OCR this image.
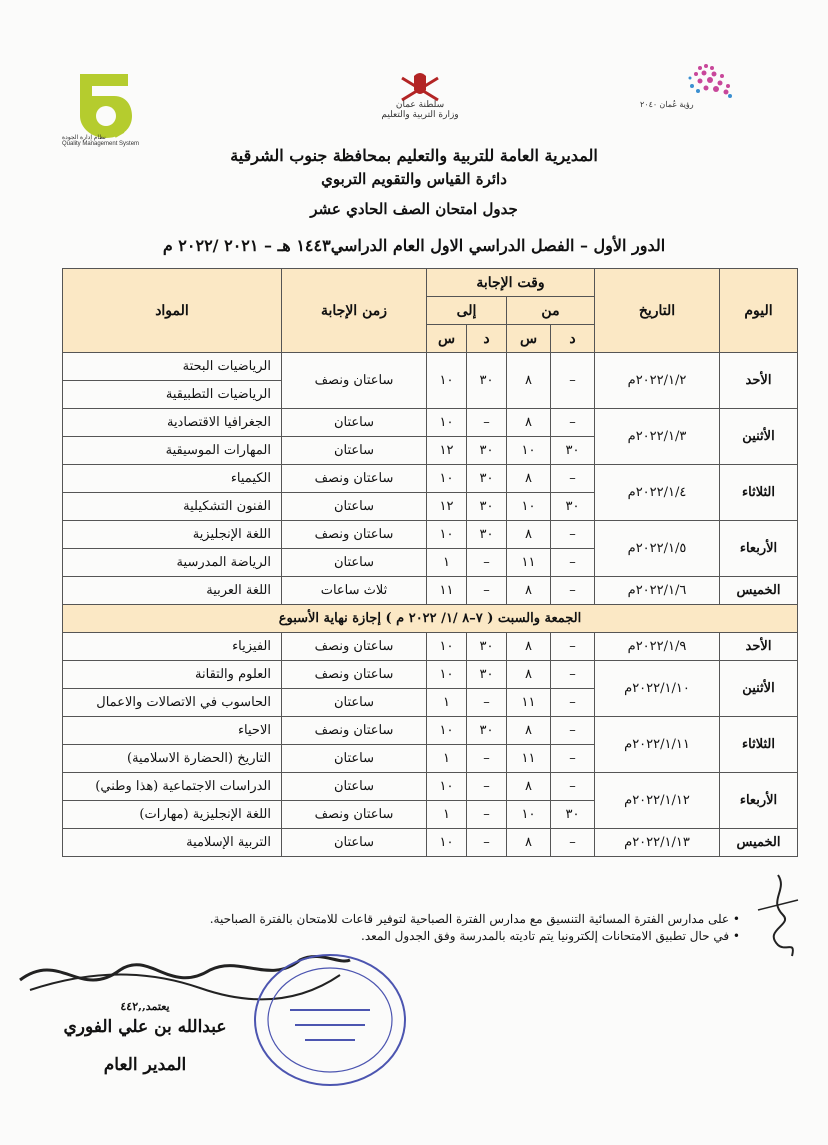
نظام إدارة الجودة
Quality Management System
سلطنة عمان
وزارة التربية والتعليم
رؤية عُمان ٢٠٤٠
المديرية العامة للتربية والتعليم بمحافظة جنوب الشرقية
دائرة القياس والتقويم التربوي
جدول امتحان الصف الحادي عشر
الدور الأول – الفصل الدراسي الاول العام الدراسي١٤٤٣ هـ – ٢٠٢١ /٢٠٢٢ م
اليوم	التاريخ	وقت الإجابة				زمن الإجابة	المواد
		من		إلى			
		د	س	د	س		
الأحد	٢٠٢٢/١/٢م	–	٨	٣٠	١٠	ساعتان ونصف	الرياضيات البحتة
							الرياضيات التطبيقية
الأثنين	٢٠٢٢/١/٣م	–	٨	–	١٠	ساعتان	الجغرافيا الاقتصادية
		٣٠	١٠	٣٠	١٢	ساعتان	المهارات الموسيقية
الثلاثاء	٢٠٢٢/١/٤م	–	٨	٣٠	١٠	ساعتان ونصف	الكيمياء
		٣٠	١٠	٣٠	١٢	ساعتان	الفنون التشكيلية
الأربعاء	٢٠٢٢/١/٥م	–	٨	٣٠	١٠	ساعتان ونصف	اللغة الإنجليزية
		–	١١	–	١	ساعتان	الرياضة المدرسية
الخميس	٢٠٢٢/١/٦م	–	٨	–	١١	ثلاث ساعات	اللغة العربية
الجمعة والسبت ( ٧–٨ /١/ ٢٠٢٢ م ) إجازة نهاية الأسبوع							
الأحد	٢٠٢٢/١/٩م	–	٨	٣٠	١٠	ساعتان ونصف	الفيزياء
الأثنين	٢٠٢٢/١/١٠م	–	٨	٣٠	١٠	ساعتان ونصف	العلوم والتقانة
		–	١١	–	١	ساعتان	الحاسوب في الاتصالات والاعمال
الثلاثاء	٢٠٢٢/١/١١م	–	٨	٣٠	١٠	ساعتان ونصف	الاحياء
		–	١١	–	١	ساعتان	التاريخ (الحضارة الاسلامية)
الأربعاء	٢٠٢٢/١/١٢م	–	٨	–	١٠	ساعتان	الدراسات الاجتماعية (هذا وطني)
		٣٠	١٠	–	١	ساعتان ونصف	اللغة الإنجليزية (مهارات)
الخميس	٢٠٢٢/١/١٣م	–	٨	–	١٠	ساعتان	التربية الإسلامية
• على مدارس الفترة المسائية التنسيق مع مدارس الفترة الصباحية لتوفير قاعات للامتحان بالفترة الصباحية.
• في حال تطبيق الامتحانات إلكترونيا يتم تاديته بالمدرسة وفق الجدول المعد.
يعتمد,,٤٤٢
عبدالله بن علي الفوري
المدير العام
